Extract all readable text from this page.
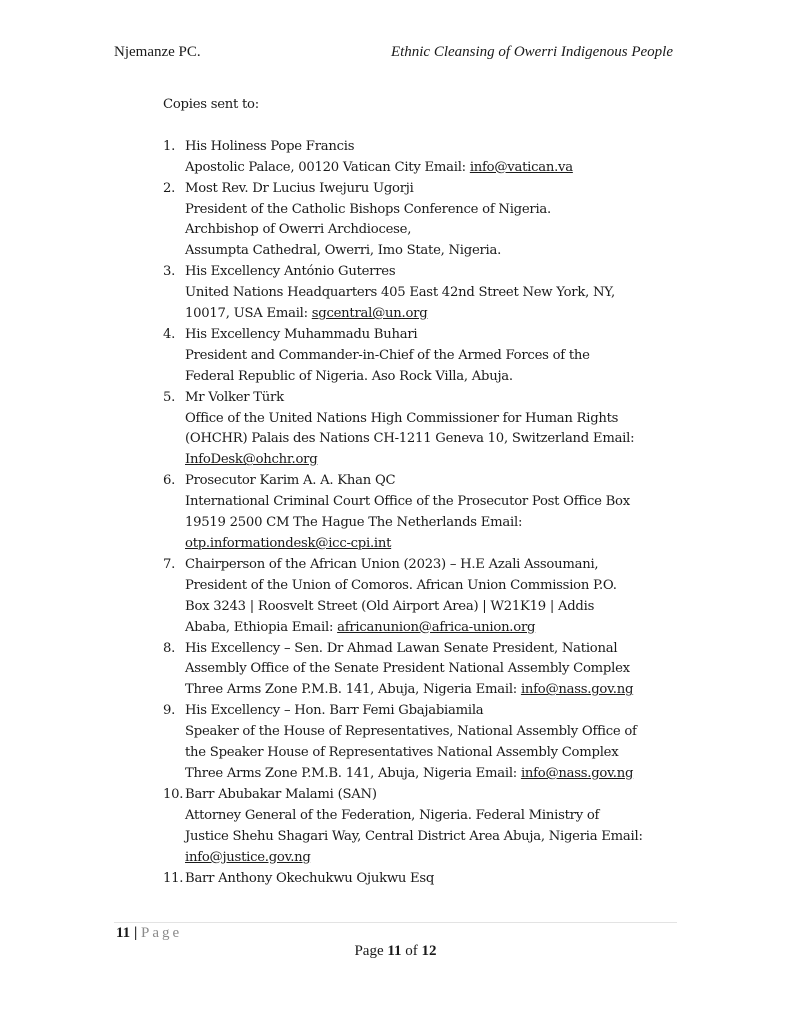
Njemanze PC.	Ethnic Cleansing of Owerri Indigenous People

Copies sent to:

1. His Holiness Pope Francis
Apostolic Palace, 00120 Vatican City Email: info@vatican.va
2. Most Rev. Dr Lucius Iwejuru Ugorji
President of the Catholic Bishops Conference of Nigeria.
Archbishop of Owerri Archdiocese,
Assumpta Cathedral, Owerri, Imo State, Nigeria.
3. His Excellency António Guterres
United Nations Headquarters 405 East 42nd Street New York, NY,
10017, USA Email: sgcentral@un.org
4. His Excellency Muhammadu Buhari
President and Commander-in-Chief of the Armed Forces of the
Federal Republic of Nigeria. Aso Rock Villa, Abuja.
5. Mr Volker Türk
Office of the United Nations High Commissioner for Human Rights
(OHCHR) Palais des Nations CH-1211 Geneva 10, Switzerland Email:
InfoDesk@ohchr.org
6. Prosecutor Karim A. A. Khan QC
International Criminal Court Office of the Prosecutor Post Office Box
19519 2500 CM The Hague The Netherlands Email:
otp.informationdesk@icc-cpi.int
7. Chairperson of the African Union (2023) – H.E Azali Assoumani,
President of the Union of Comoros. African Union Commission P.O.
Box 3243 | Roosvelt Street (Old Airport Area) | W21K19 | Addis
Ababa, Ethiopia Email: africanunion@africa-union.org
8. His Excellency – Sen. Dr Ahmad Lawan Senate President, National
Assembly Office of the Senate President National Assembly Complex
Three Arms Zone P.M.B. 141, Abuja, Nigeria Email: info@nass.gov.ng
9. His Excellency – Hon. Barr Femi Gbajabiamila
Speaker of the House of Representatives, National Assembly Office of
the Speaker House of Representatives National Assembly Complex
Three Arms Zone P.M.B. 141, Abuja, Nigeria Email: info@nass.gov.ng
10. Barr Abubakar Malami (SAN)
Attorney General of the Federation, Nigeria. Federal Ministry of
Justice Shehu Shagari Way, Central District Area Abuja, Nigeria Email:
info@justice.gov.ng
11. Barr Anthony Okechukwu Ojukwu Esq
11 | Page
Page 11 of 12
